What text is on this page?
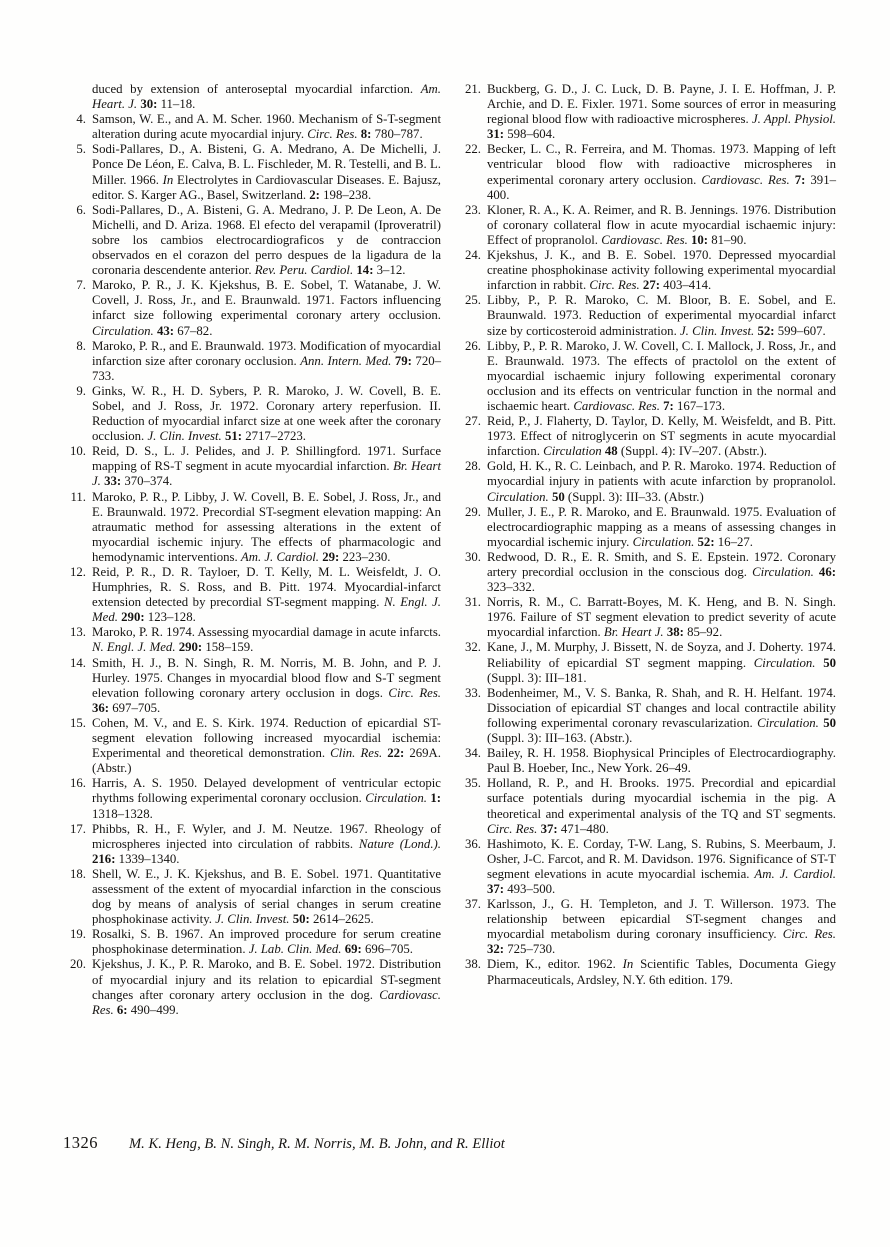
duced by extension of anteroseptal myocardial infarction. Am. Heart. J. 30: 11–18.
4. Samson, W. E., and A. M. Scher. 1960. Mechanism of S-T-segment alteration during acute myocardial injury. Circ. Res. 8: 780–787.
5. Sodi-Pallares, D., A. Bisteni, G. A. Medrano, A. De Michelli, J. Ponce De Léon, E. Calva, B. L. Fischleder, M. R. Testelli, and B. L. Miller. 1966. In Electrolytes in Cardiovascular Diseases. E. Bajusz, editor. S. Karger AG., Basel, Switzerland. 2: 198–238.
6. Sodi-Pallares, D., A. Bisteni, G. A. Medrano, J. P. De Leon, A. De Michelli, and D. Ariza. 1968. El efecto del verapamil (Iproveratril) sobre los cambios electrocardiograficos y de contraccion observados en el corazon del perro despues de la ligadura de la coronaria descendente anterior. Rev. Peru. Cardiol. 14: 3–12.
7. Maroko, P. R., J. K. Kjekshus, B. E. Sobel, T. Watanabe, J. W. Covell, J. Ross, Jr., and E. Braunwald. 1971. Factors influencing infarct size following experimental coronary artery occlusion. Circulation. 43: 67–82.
8. Maroko, P. R., and E. Braunwald. 1973. Modification of myocardial infarction size after coronary occlusion. Ann. Intern. Med. 79: 720–733.
9. Ginks, W. R., H. D. Sybers, P. R. Maroko, J. W. Covell, B. E. Sobel, and J. Ross, Jr. 1972. Coronary artery reperfusion. II. Reduction of myocardial infarct size at one week after the coronary occlusion. J. Clin. Invest. 51: 2717–2723.
10. Reid, D. S., L. J. Pelides, and J. P. Shillingford. 1971. Surface mapping of RS-T segment in acute myocardial infarction. Br. Heart J. 33: 370–374.
11. Maroko, P. R., P. Libby, J. W. Covell, B. E. Sobel, J. Ross, Jr., and E. Braunwald. 1972. Precordial ST-segment elevation mapping: An atraumatic method for assessing alterations in the extent of myocardial ischemic injury. The effects of pharmacologic and hemodynamic interventions. Am. J. Cardiol. 29: 223–230.
12. Reid, P. R., D. R. Tayloer, D. T. Kelly, M. L. Weisfeldt, J. O. Humphries, R. S. Ross, and B. Pitt. 1974. Myocardial-infarct extension detected by precordial ST-segment mapping. N. Engl. J. Med. 290: 123–128.
13. Maroko, P. R. 1974. Assessing myocardial damage in acute infarcts. N. Engl. J. Med. 290: 158–159.
14. Smith, H. J., B. N. Singh, R. M. Norris, M. B. John, and P. J. Hurley. 1975. Changes in myocardial blood flow and S-T segment elevation following coronary artery occlusion in dogs. Circ. Res. 36: 697–705.
15. Cohen, M. V., and E. S. Kirk. 1974. Reduction of epicardial ST-segment elevation following increased myocardial ischemia: Experimental and theoretical demonstration. Clin. Res. 22: 269A. (Abstr.)
16. Harris, A. S. 1950. Delayed development of ventricular ectopic rhythms following experimental coronary occlusion. Circulation. 1: 1318–1328.
17. Phibbs, R. H., F. Wyler, and J. M. Neutze. 1967. Rheology of microspheres injected into circulation of rabbits. Nature (Lond.). 216: 1339–1340.
18. Shell, W. E., J. K. Kjekshus, and B. E. Sobel. 1971. Quantitative assessment of the extent of myocardial infarction in the conscious dog by means of analysis of serial changes in serum creatine phosphokinase activity. J. Clin. Invest. 50: 2614–2625.
19. Rosalki, S. B. 1967. An improved procedure for serum creatine phosphokinase determination. J. Lab. Clin. Med. 69: 696–705.
20. Kjekshus, J. K., P. R. Maroko, and B. E. Sobel. 1972. Distribution of myocardial injury and its relation to epicardial ST-segment changes after coronary artery occlusion in the dog. Cardiovasc. Res. 6: 490–499.
21. Buckberg, G. D., J. C. Luck, D. B. Payne, J. I. E. Hoffman, J. P. Archie, and D. E. Fixler. 1971. Some sources of error in measuring regional blood flow with radioactive microspheres. J. Appl. Physiol. 31: 598–604.
22. Becker, L. C., R. Ferreira, and M. Thomas. 1973. Mapping of left ventricular blood flow with radioactive microspheres in experimental coronary artery occlusion. Cardiovasc. Res. 7: 391–400.
23. Kloner, R. A., K. A. Reimer, and R. B. Jennings. 1976. Distribution of coronary collateral flow in acute myocardial ischaemic injury: Effect of propranolol. Cardiovasc. Res. 10: 81–90.
24. Kjekshus, J. K., and B. E. Sobel. 1970. Depressed myocardial creatine phosphokinase activity following experimental myocardial infarction in rabbit. Circ. Res. 27: 403–414.
25. Libby, P., P. R. Maroko, C. M. Bloor, B. E. Sobel, and E. Braunwald. 1973. Reduction of experimental myocardial infarct size by corticosteroid administration. J. Clin. Invest. 52: 599–607.
26. Libby, P., P. R. Maroko, J. W. Covell, C. I. Mallock, J. Ross, Jr., and E. Braunwald. 1973. The effects of practolol on the extent of myocardial ischaemic injury following experimental coronary occlusion and its effects on ventricular function in the normal and ischaemic heart. Cardiovasc. Res. 7: 167–173.
27. Reid, P., J. Flaherty, D. Taylor, D. Kelly, M. Weisfeldt, and B. Pitt. 1973. Effect of nitroglycerin on ST segments in acute myocardial infarction. Circulation 48 (Suppl. 4): IV–207. (Abstr.).
28. Gold, H. K., R. C. Leinbach, and P. R. Maroko. 1974. Reduction of myocardial injury in patients with acute infarction by propranolol. Circulation. 50 (Suppl. 3): III–33. (Abstr.)
29. Muller, J. E., P. R. Maroko, and E. Braunwald. 1975. Evaluation of electrocardiographic mapping as a means of assessing changes in myocardial ischemic injury. Circulation. 52: 16–27.
30. Redwood, D. R., E. R. Smith, and S. E. Epstein. 1972. Coronary artery precordial occlusion in the conscious dog. Circulation. 46: 323–332.
31. Norris, R. M., C. Barratt-Boyes, M. K. Heng, and B. N. Singh. 1976. Failure of ST segment elevation to predict severity of acute myocardial infarction. Br. Heart J. 38: 85–92.
32. Kane, J., M. Murphy, J. Bissett, N. de Soyza, and J. Doherty. 1974. Reliability of epicardial ST segment mapping. Circulation. 50 (Suppl. 3): III–181.
33. Bodenheimer, M., V. S. Banka, R. Shah, and R. H. Helfant. 1974. Dissociation of epicardial ST changes and local contractile ability following experimental coronary revascularization. Circulation. 50 (Suppl. 3): III–163. (Abstr.).
34. Bailey, R. H. 1958. Biophysical Principles of Electrocardiography. Paul B. Hoeber, Inc., New York. 26–49.
35. Holland, R. P., and H. Brooks. 1975. Precordial and epicardial surface potentials during myocardial ischemia in the pig. A theoretical and experimental analysis of the TQ and ST segments. Circ. Res. 37: 471–480.
36. Hashimoto, K. E. Corday, T-W. Lang, S. Rubins, S. Meerbaum, J. Osher, J-C. Farcot, and R. M. Davidson. 1976. Significance of ST-T segment elevations in acute myocardial ischemia. Am. J. Cardiol. 37: 493–500.
37. Karlsson, J., G. H. Templeton, and J. T. Willerson. 1973. The relationship between epicardial ST-segment changes and myocardial metabolism during coronary insufficiency. Circ. Res. 32: 725–730.
38. Diem, K., editor. 1962. In Scientific Tables, Documenta Giegy Pharmaceuticals, Ardsley, N.Y. 6th edition. 179.
1326 M. K. Heng, B. N. Singh, R. M. Norris, M. B. John, and R. Elliot
